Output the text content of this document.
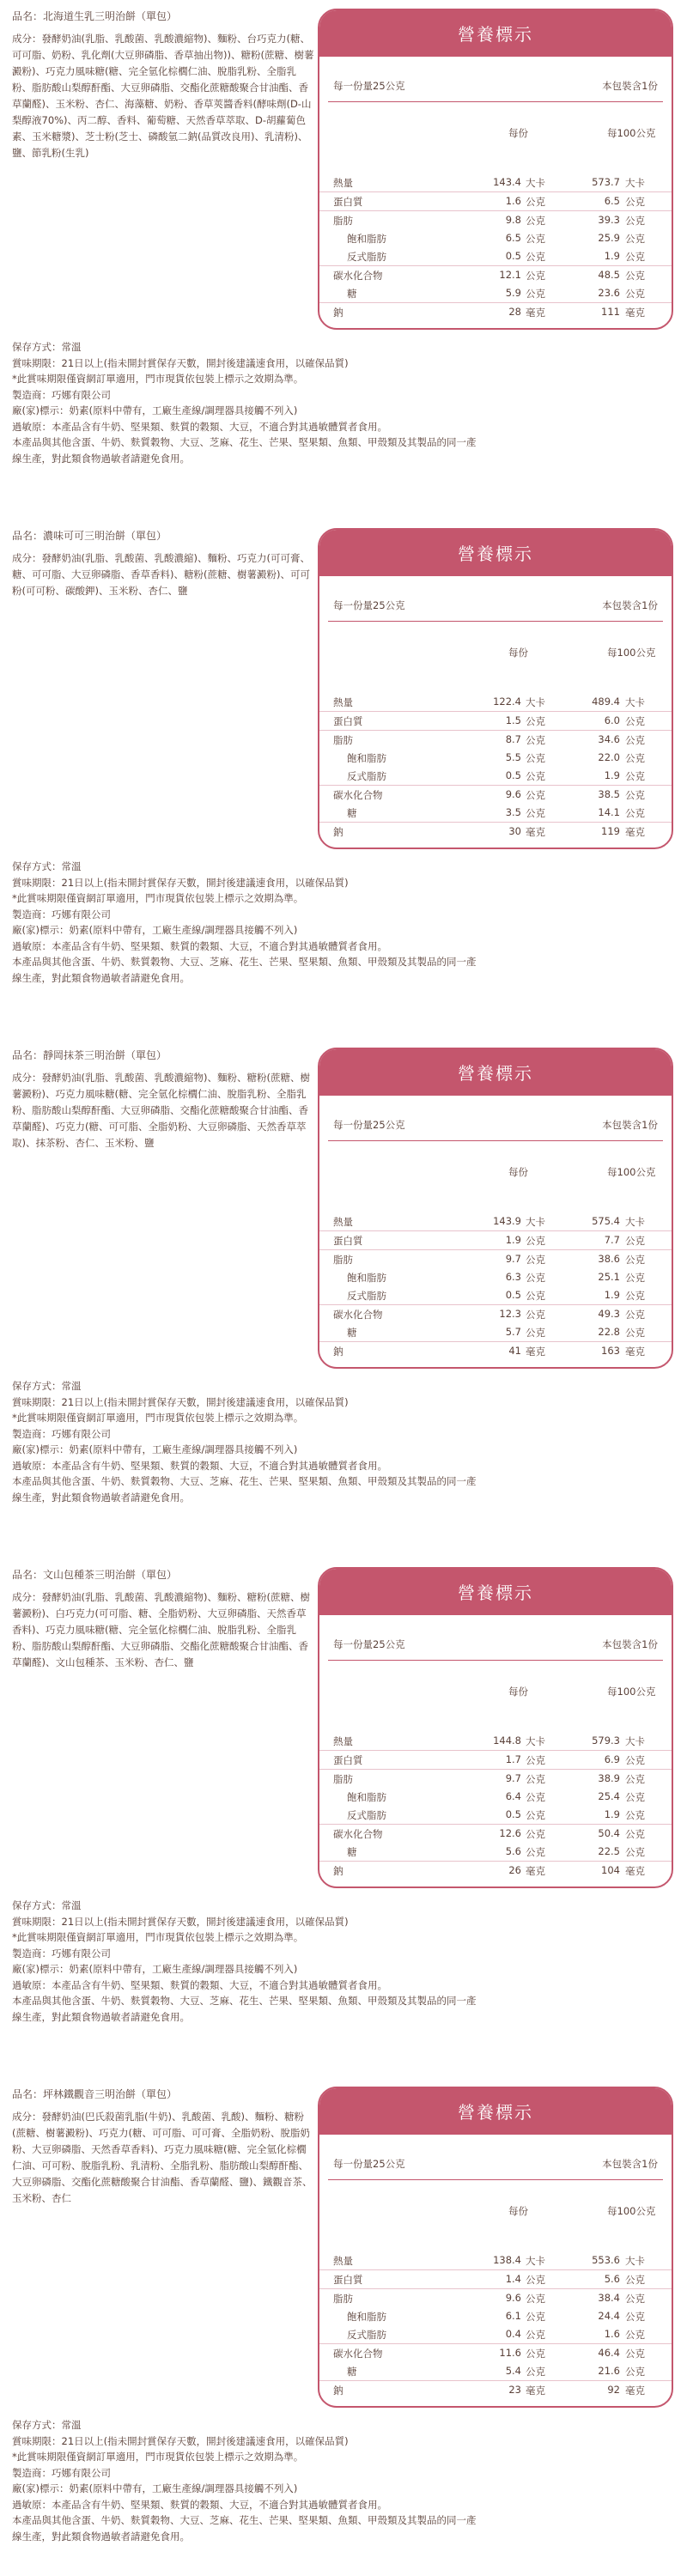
品名：北海道生乳三明治餅（單包）
成分：發酵奶油(乳脂、乳酸菌、乳酸濃縮物)、麵粉、台巧克力(糖、可可脂、奶粉、乳化劑(大豆卵磷脂、香草抽出物))、糖粉(蔗糖、樹薯澱粉)、巧克力風味糖(糖、完全氫化棕櫚仁油、脫脂乳粉、全脂乳粉、脂肪酸山梨醇酐酯、大豆卵磷脂、交酯化蔗糖酸聚合甘油酯、香草蘭醛)、玉米粉、杏仁、海藻糖、奶粉、香草莢醬香料(酵味劑(D-山梨醇液70%)、丙二醇、香料、葡萄糖、天然香草萃取、D-胡蘿蔔色素、玉米糖漿)、芝士粉(芝士、磷酸氫二鈉(品質改良用)、乳清粉)、鹽、節乳粉(生乳)
營養標示
每一份量25公克	本包裝含1份
每份	每100公克
熱量	143.4 大卡	573.7 大卡
蛋白質	1.6 公克	6.5 公克
脂肪	9.8 公克	39.3 公克
飽和脂肪	6.5 公克	25.9 公克
反式脂肪	0.5 公克	1.9 公克
碳水化合物	12.1 公克	48.5 公克
糖	5.9 公克	23.6 公克
鈉	28 毫克	111 毫克
保存方式：常溫
賞味期限：21日以上(指未開封賞保存天數，開封後建議速食用，以確保品質)
*此賞味期限僅資網訂單適用，門市現貨依包裝上標示之效期為準。
製造商：巧娜有限公司
廠(家)標示：奶素(原料中帶有，工廠生產線/調理器具接觸不列入)
過敏原：本產品含有牛奶、堅果類、麩質的穀類、大豆，不適合對其過敏體質者食用。
本產品與其他含蛋、牛奶、麩質穀物、大豆、芝麻、花生、芒果、堅果類、魚類、甲殼類及其製品的同一產
線生產，對此類食物過敏者請避免食用。
品名：濃味可可三明治餅（單包）
成分：發酵奶油(乳脂、乳酸菌、乳酸濃縮)、麵粉、巧克力(可可膏、糖、可可脂、大豆卵磷脂、香草香料)、糖粉(蔗糖、樹薯澱粉)、可可粉(可可粉、碳酸鉀)、玉米粉、杏仁、鹽
營養標示
每一份量25公克	本包裝含1份
每份	每100公克
熱量	122.4 大卡	489.4 大卡
蛋白質	1.5 公克	6.0 公克
脂肪	8.7 公克	34.6 公克
飽和脂肪	5.5 公克	22.0 公克
反式脂肪	0.5 公克	1.9 公克
碳水化合物	9.6 公克	38.5 公克
糖	3.5 公克	14.1 公克
鈉	30 毫克	119 毫克
保存方式：常溫
賞味期限：21日以上(指未開封賞保存天數，開封後建議速食用，以確保品質)
*此賞味期限僅資網訂單適用，門市現貨依包裝上標示之效期為準。
製造商：巧娜有限公司
廠(家)標示：奶素(原料中帶有，工廠生產線/調理器具接觸不列入)
過敏原：本產品含有牛奶、堅果類、麩質的穀類、大豆，不適合對其過敏體質者食用。
本產品與其他含蛋、牛奶、麩質穀物、大豆、芝麻、花生、芒果、堅果類、魚類、甲殼類及其製品的同一產
線生產，對此類食物過敏者請避免食用。
品名：靜岡抹茶三明治餅（單包）
成分：發酵奶油(乳脂、乳酸菌、乳酸濃縮物)、麵粉、糖粉(蔗糖、樹薯澱粉)、巧克力風味糖(糖、完全氫化棕櫚仁油、脫脂乳粉、全脂乳粉、脂肪酸山梨醇酐酯、大豆卵磷脂、交酯化蔗糖酸聚合甘油酯、香草蘭醛)、巧克力(糖、可可脂、全脂奶粉、大豆卵磷脂、天然香草萃取)、抹茶粉、杏仁、玉米粉、鹽
營養標示
每一份量25公克	本包裝含1份
每份	每100公克
熱量	143.9 大卡	575.4 大卡
蛋白質	1.9 公克	7.7 公克
脂肪	9.7 公克	38.6 公克
飽和脂肪	6.3 公克	25.1 公克
反式脂肪	0.5 公克	1.9 公克
碳水化合物	12.3 公克	49.3 公克
糖	5.7 公克	22.8 公克
鈉	41 毫克	163 毫克
保存方式：常溫
賞味期限：21日以上(指未開封賞保存天數，開封後建議速食用，以確保品質)
*此賞味期限僅資網訂單適用，門市現貨依包裝上標示之效期為準。
製造商：巧娜有限公司
廠(家)標示：奶素(原料中帶有，工廠生產線/調理器具接觸不列入)
過敏原：本產品含有牛奶、堅果類、麩質的穀類、大豆，不適合對其過敏體質者食用。
本產品與其他含蛋、牛奶、麩質穀物、大豆、芝麻、花生、芒果、堅果類、魚類、甲殼類及其製品的同一產
線生產，對此類食物過敏者請避免食用。
品名：文山包種茶三明治餅（單包）
成分：發酵奶油(乳脂、乳酸菌、乳酸濃縮物)、麵粉、糖粉(蔗糖、樹薯澱粉)、白巧克力(可可脂、糖、全脂奶粉、大豆卵磷脂、天然香草香料)、巧克力風味糖(糖、完全氫化棕櫚仁油、脫脂乳粉、全脂乳粉、脂肪酸山梨醇酐酯、大豆卵磷脂、交酯化蔗糖酸聚合甘油酯、香草蘭醛)、文山包種茶、玉米粉、杏仁、鹽
營養標示
每一份量25公克	本包裝含1份
每份	每100公克
熱量	144.8 大卡	579.3 大卡
蛋白質	1.7 公克	6.9 公克
脂肪	9.7 公克	38.9 公克
飽和脂肪	6.4 公克	25.4 公克
反式脂肪	0.5 公克	1.9 公克
碳水化合物	12.6 公克	50.4 公克
糖	5.6 公克	22.5 公克
鈉	26 毫克	104 毫克
保存方式：常溫
賞味期限：21日以上(指未開封賞保存天數，開封後建議速食用，以確保品質)
*此賞味期限僅資網訂單適用，門市現貨依包裝上標示之效期為準。
製造商：巧娜有限公司
廠(家)標示：奶素(原料中帶有，工廠生產線/調理器具接觸不列入)
過敏原：本產品含有牛奶、堅果類、麩質的穀類、大豆，不適合對其過敏體質者食用。
本產品與其他含蛋、牛奶、麩質穀物、大豆、芝麻、花生、芒果、堅果類、魚類、甲殼類及其製品的同一產
線生產，對此類食物過敏者請避免食用。
品名：坪林鐵觀音三明治餅（單包）
成分：發酵奶油(巴氏殺菌乳脂(牛奶)、乳酸菌、乳酸)、麵粉、糖粉(蔗糖、樹薯澱粉)、巧克力(糖、可可脂、可可膏、全脂奶粉、脫脂奶粉、大豆卵磷脂、天然香草香料)、巧克力風味糖(糖、完全氫化棕櫚仁油、可可粉、脫脂乳粉、乳清粉、全脂乳粉、脂肪酸山梨醇酐酯、大豆卵磷脂、交酯化蔗糖酸聚合甘油酯、香草蘭醛、鹽)、鐵觀音茶、玉米粉、杏仁
營養標示
每一份量25公克	本包裝含1份
每份	每100公克
熱量	138.4 大卡	553.6 大卡
蛋白質	1.4 公克	5.6 公克
脂肪	9.6 公克	38.4 公克
飽和脂肪	6.1 公克	24.4 公克
反式脂肪	0.4 公克	1.6 公克
碳水化合物	11.6 公克	46.4 公克
糖	5.4 公克	21.6 公克
鈉	23 毫克	92 毫克
保存方式：常溫
賞味期限：21日以上(指未開封賞保存天數，開封後建議速食用，以確保品質)
*此賞味期限僅資網訂單適用，門市現貨依包裝上標示之效期為準。
製造商：巧娜有限公司
廠(家)標示：奶素(原料中帶有，工廠生產線/調理器具接觸不列入)
過敏原：本產品含有牛奶、堅果類、麩質的穀類、大豆，不適合對其過敏體質者食用。
本產品與其他含蛋、牛奶、麩質穀物、大豆、芝麻、花生、芒果、堅果類、魚類、甲殼類及其製品的同一產
線生產，對此類食物過敏者請避免食用。
